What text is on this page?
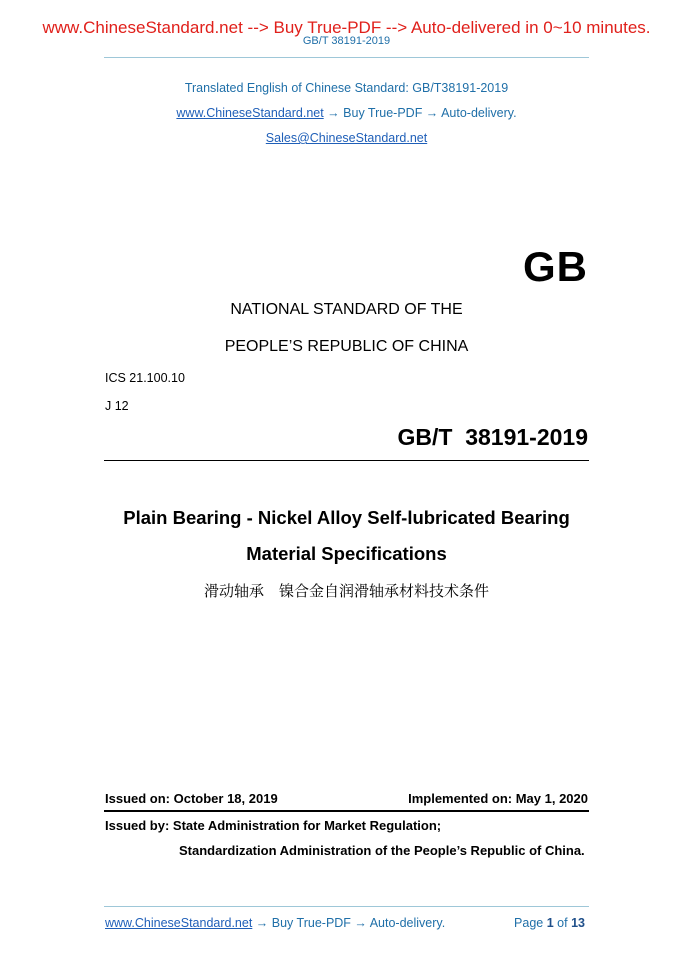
www.ChineseStandard.net --> Buy True-PDF --> Auto-delivered in 0~10 minutes.
GB/T 38191-2019
Translated English of Chinese Standard: GB/T38191-2019
www.ChineseStandard.net → Buy True-PDF → Auto-delivery.
Sales@ChineseStandard.net
GB
NATIONAL STANDARD OF THE
PEOPLE’S REPUBLIC OF CHINA
ICS 21.100.10
J 12
GB/T  38191-2019
Plain Bearing - Nickel Alloy Self-lubricated Bearing
Material Specifications
滑动轴承　镍合金自润滑轴承材料技术条件
Issued on: October 18, 2019	Implemented on: May 1, 2020
Issued by: State Administration for Market Regulation;
Standardization Administration of the People’s Republic of China.
www.ChineseStandard.net → Buy True-PDF → Auto-delivery.	Page 1 of 13
